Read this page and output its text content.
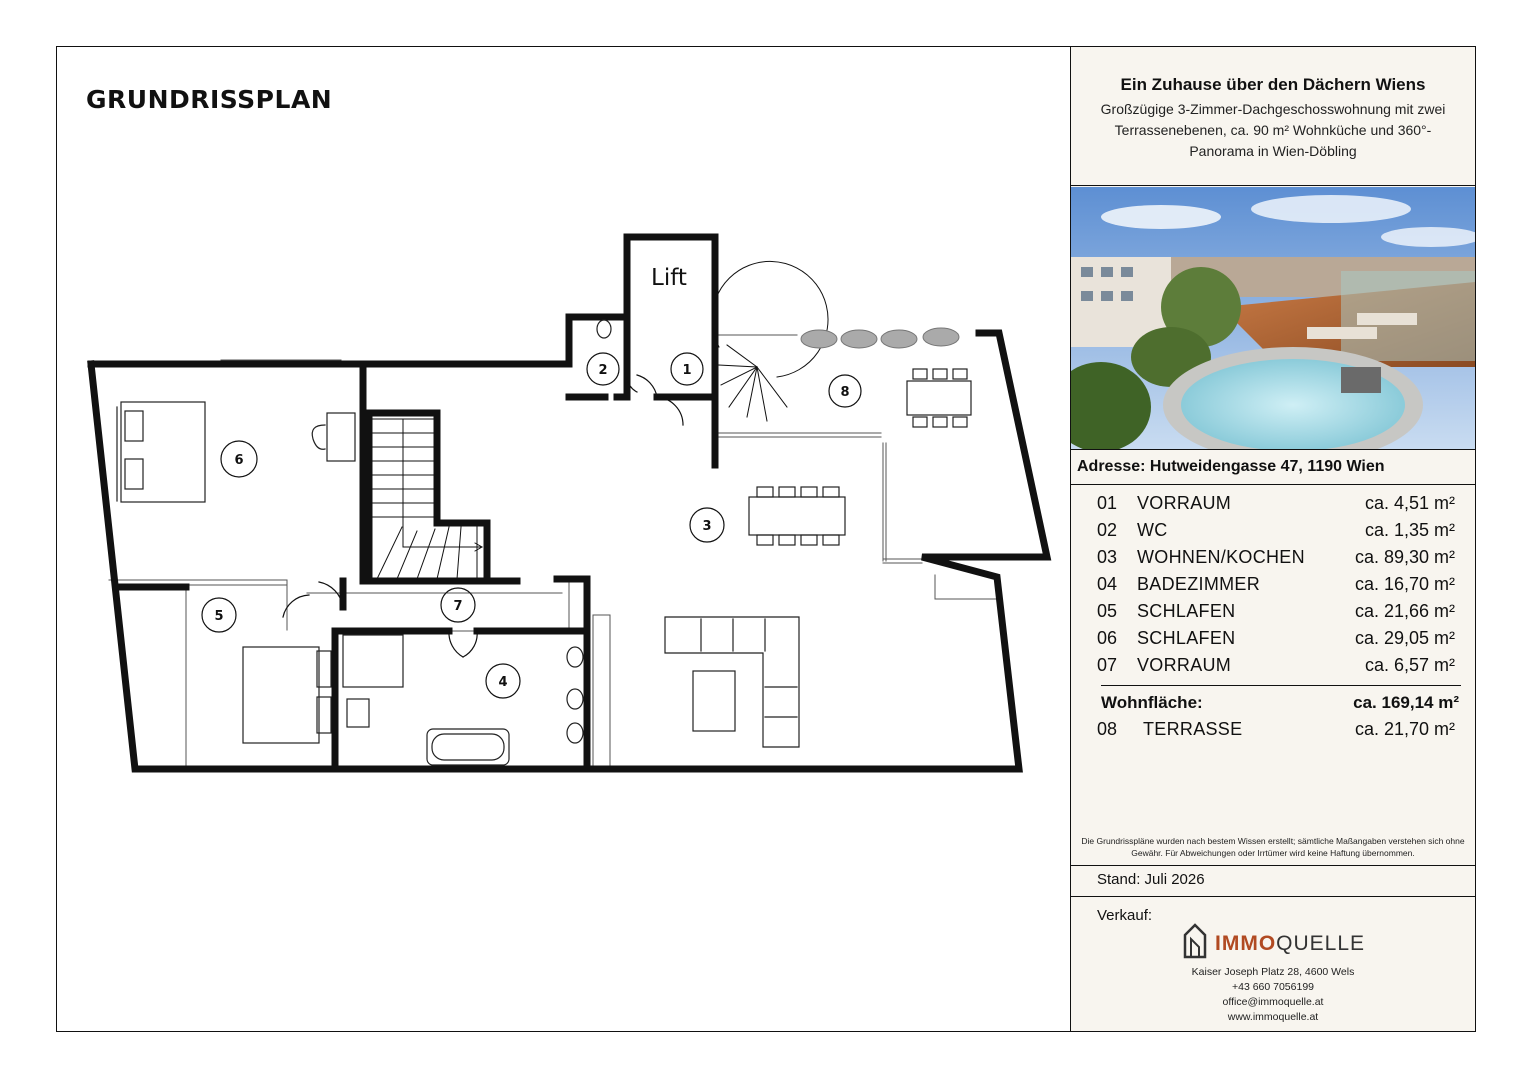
GRUNDRISSPLAN
1
2
3
4
5
6
7
8
Lift
Ein Zuhause über den Dächern Wiens
Großzügige 3-Zimmer-Dachgeschosswohnung mit zwei Terrassenebenen, ca. 90 m² Wohnküche und 360°-Panorama in Wien-Döbling
Adresse: Hutweidengasse 47, 1190 Wien
01 VORRAUM	ca. 4,51 m²
02 WC	ca. 1,35 m²
03 WOHNEN/KOCHEN	ca. 89,30 m²
04 BADEZIMMER	ca. 16,70 m²
05 SCHLAFEN	ca. 21,66 m²
06 SCHLAFEN	ca. 29,05 m²
07 VORRAUM	ca. 6,57 m²
Wohnfläche:	ca. 169,14 m²
08 TERRASSE	ca. 21,70 m²
Die Grundrisspläne wurden nach bestem Wissen erstellt; sämtliche Maßangaben verstehen sich ohne Gewähr. Für Abweichungen oder Irrtümer wird keine Haftung übernommen.
Stand: Juli 2026
Verkauf:
IMMOQUELLE
Kaiser Joseph Platz 28, 4600 Wels
+43 660 7056199
office@immoquelle.at
www.immoquelle.at
